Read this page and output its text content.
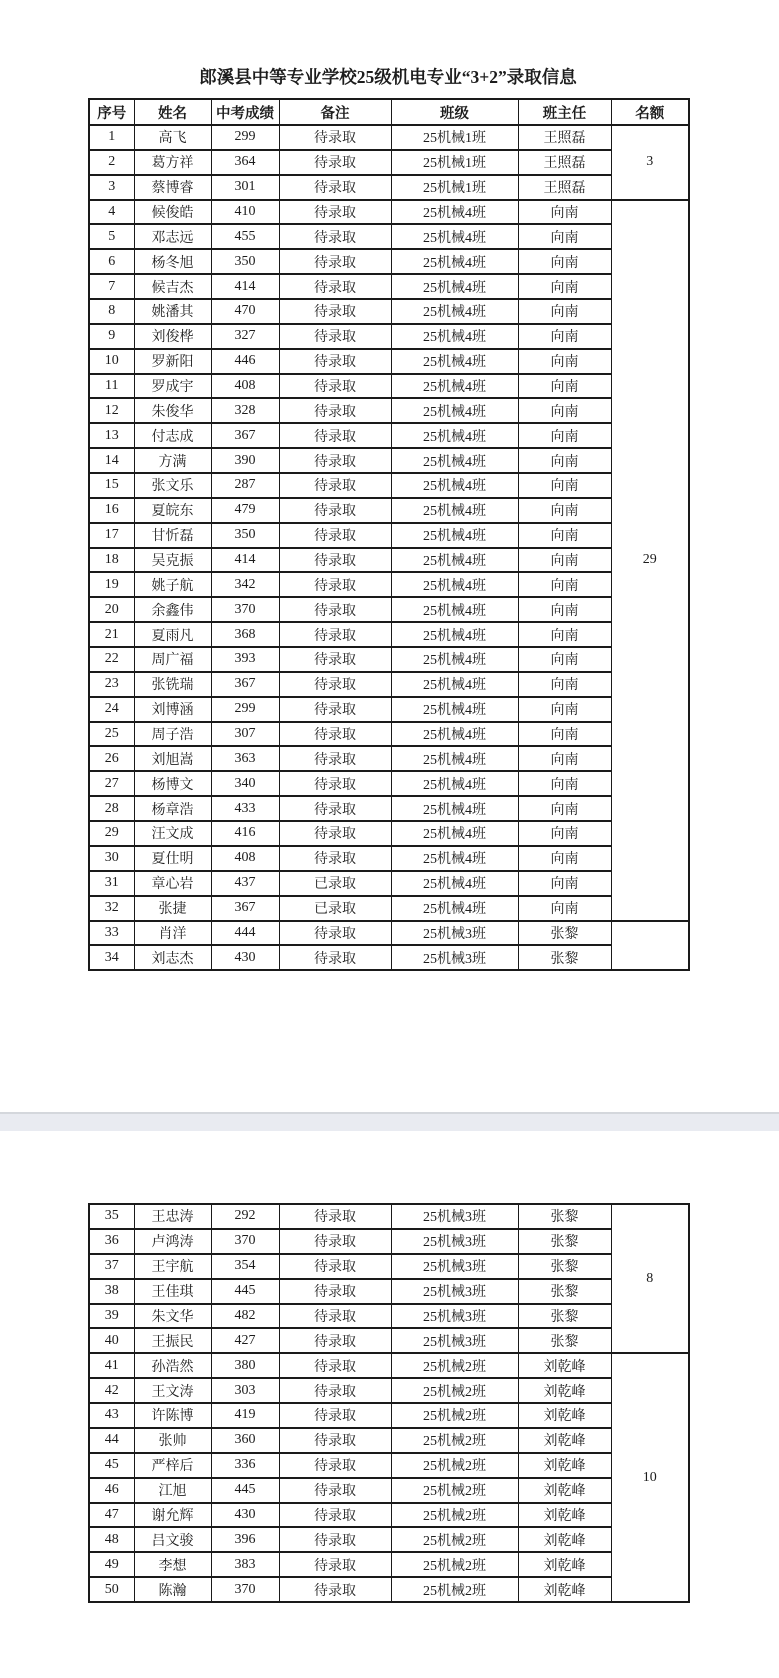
郎溪县中等专业学校25级机电专业“3+2”录取信息
序号	姓名	中考成绩	备注	班级	班主任	名额
1	高飞	299	待录取	25机械1班	王照磊	3
2	葛方祥	364	待录取	25机械1班	王照磊	
3	蔡博睿	301	待录取	25机械1班	王照磊	
4	候俊皓	410	待录取	25机械4班	向南	29
5	邓志远	455	待录取	25机械4班	向南	
6	杨冬旭	350	待录取	25机械4班	向南	
7	候吉杰	414	待录取	25机械4班	向南	
8	姚潘其	470	待录取	25机械4班	向南	
9	刘俊桦	327	待录取	25机械4班	向南	
10	罗新阳	446	待录取	25机械4班	向南	
11	罗成宇	408	待录取	25机械4班	向南	
12	朱俊华	328	待录取	25机械4班	向南	
13	付志成	367	待录取	25机械4班	向南	
14	方满	390	待录取	25机械4班	向南	
15	张文乐	287	待录取	25机械4班	向南	
16	夏皖东	479	待录取	25机械4班	向南	
17	甘忻磊	350	待录取	25机械4班	向南	
18	吴克振	414	待录取	25机械4班	向南	
19	姚子航	342	待录取	25机械4班	向南	
20	余鑫伟	370	待录取	25机械4班	向南	
21	夏雨凡	368	待录取	25机械4班	向南	
22	周广福	393	待录取	25机械4班	向南	
23	张铣瑞	367	待录取	25机械4班	向南	
24	刘博涵	299	待录取	25机械4班	向南	
25	周子浩	307	待录取	25机械4班	向南	
26	刘旭嵩	363	待录取	25机械4班	向南	
27	杨博文	340	待录取	25机械4班	向南	
28	杨章浩	433	待录取	25机械4班	向南	
29	汪文成	416	待录取	25机械4班	向南	
30	夏仕明	408	待录取	25机械4班	向南	
31	章心岩	437	已录取	25机械4班	向南	
32	张捷	367	已录取	25机械4班	向南	
33	肖洋	444	待录取	25机械3班	张黎	
34	刘志杰	430	待录取	25机械3班	张黎	
35	王忠涛	292	待录取	25机械3班	张黎	8
36	卢鸿涛	370	待录取	25机械3班	张黎	
37	王宇航	354	待录取	25机械3班	张黎	
38	王佳琪	445	待录取	25机械3班	张黎	
39	朱文华	482	待录取	25机械3班	张黎	
40	王振民	427	待录取	25机械3班	张黎	
41	孙浩然	380	待录取	25机械2班	刘乾峰	10
42	王文涛	303	待录取	25机械2班	刘乾峰	
43	许陈博	419	待录取	25机械2班	刘乾峰	
44	张帅	360	待录取	25机械2班	刘乾峰	
45	严梓后	336	待录取	25机械2班	刘乾峰	
46	江旭	445	待录取	25机械2班	刘乾峰	
47	谢允辉	430	待录取	25机械2班	刘乾峰	
48	吕文骏	396	待录取	25机械2班	刘乾峰	
49	李想	383	待录取	25机械2班	刘乾峰	
50	陈瀚	370	待录取	25机械2班	刘乾峰	
